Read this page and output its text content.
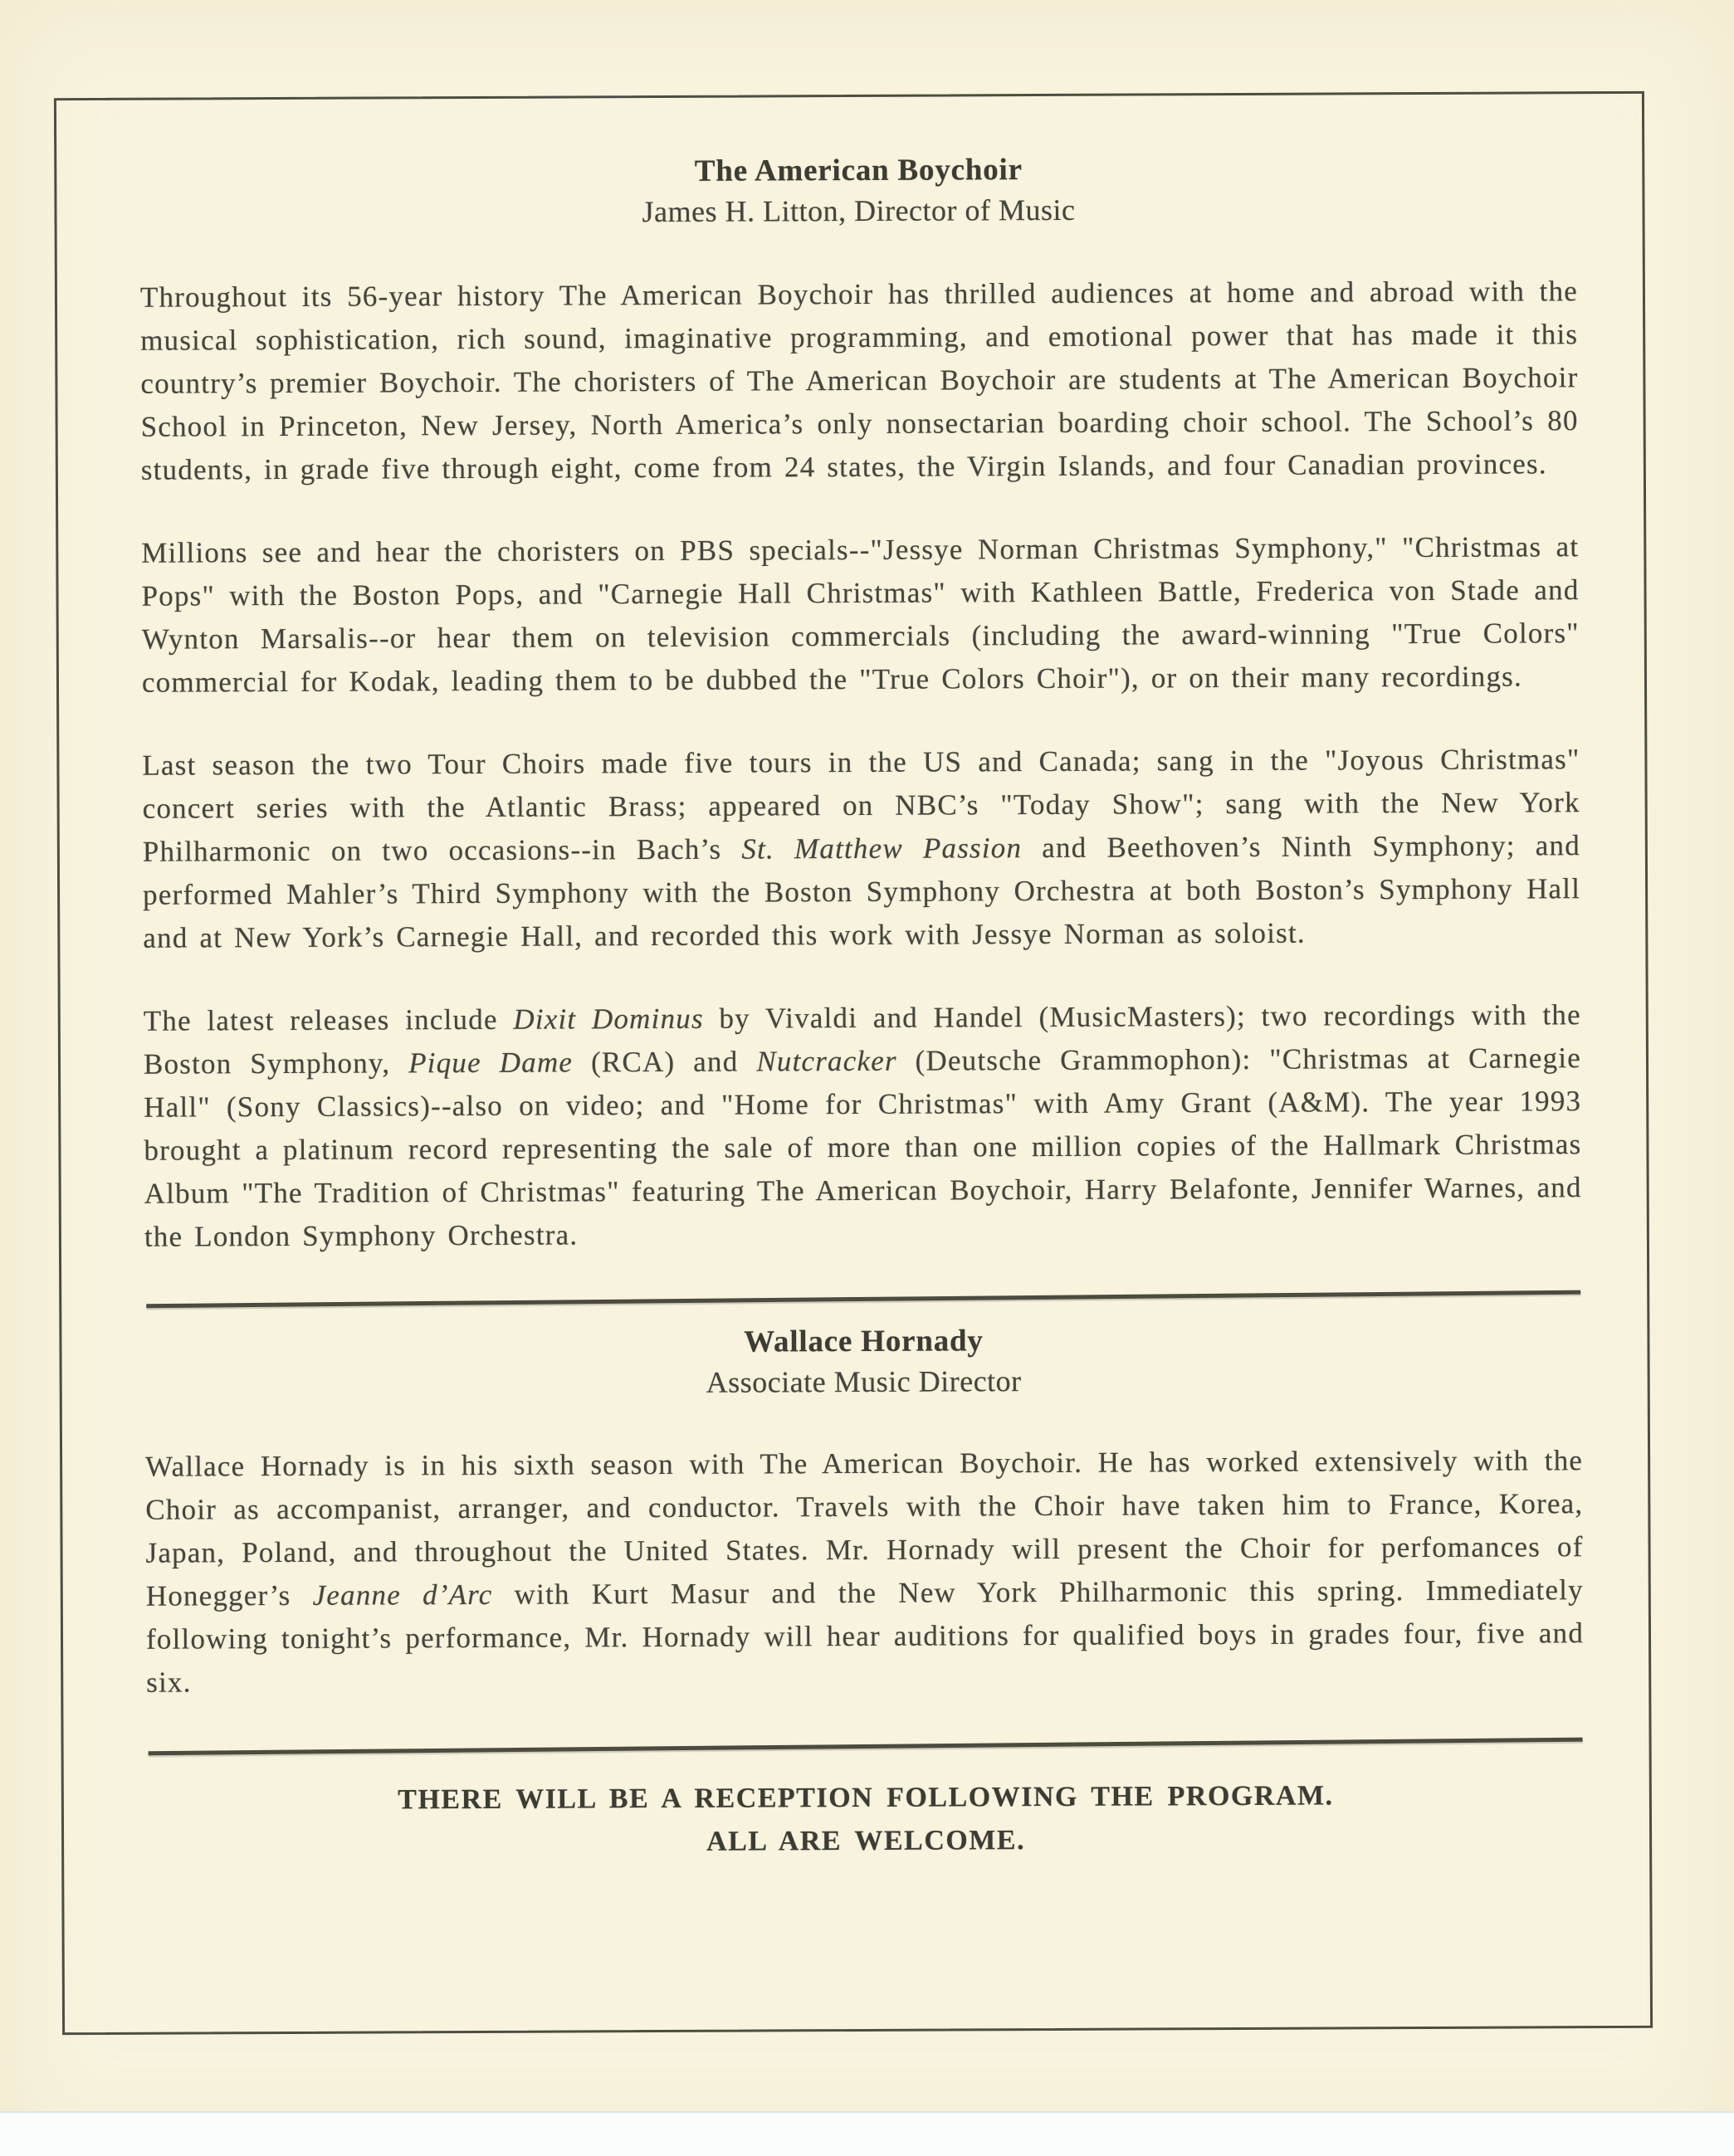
The American Boychoir
James H. Litton, Director of Music

Throughout its 56-year history The American Boychoir has thrilled audiences at home and abroad with the musical sophistication, rich sound, imaginative programming, and emotional power that has made it this country’s premier Boychoir. The choristers of The American Boychoir are students at The American Boychoir School in Princeton, New Jersey, North America’s only nonsectarian boarding choir school. The School’s 80 students, in grade five through eight, come from 24 states, the Virgin Islands, and four Canadian provinces.

Millions see and hear the choristers on PBS specials--"Jessye Norman Christmas Symphony," "Christmas at Pops" with the Boston Pops, and "Carnegie Hall Christmas" with Kathleen Battle, Frederica von Stade and Wynton Marsalis--or hear them on television commercials (including the award-winning "True Colors" commercial for Kodak, leading them to be dubbed the "True Colors Choir"), or on their many recordings.

Last season the two Tour Choirs made five tours in the US and Canada; sang in the "Joyous Christmas" concert series with the Atlantic Brass; appeared on NBC’s "Today Show"; sang with the New York Philharmonic on two occasions--in Bach’s St. Matthew Passion and Beethoven’s Ninth Symphony; and performed Mahler’s Third Symphony with the Boston Symphony Orchestra at both Boston’s Symphony Hall and at New York’s Carnegie Hall, and recorded this work with Jessye Norman as soloist.

The latest releases include Dixit Dominus by Vivaldi and Handel (MusicMasters); two recordings with the Boston Symphony, Pique Dame (RCA) and Nutcracker (Deutsche Grammophon): "Christmas at Carnegie Hall" (Sony Classics)--also on video; and "Home for Christmas" with Amy Grant (A&M). The year 1993 brought a platinum record representing the sale of more than one million copies of the Hallmark Christmas Album "The Tradition of Christmas" featuring The American Boychoir, Harry Belafonte, Jennifer Warnes, and the London Symphony Orchestra.

Wallace Hornady
Associate Music Director

Wallace Hornady is in his sixth season with The American Boychoir. He has worked extensively with the Choir as accompanist, arranger, and conductor. Travels with the Choir have taken him to France, Korea, Japan, Poland, and throughout the United States. Mr. Hornady will present the Choir for perfomances of Honegger’s Jeanne d’Arc with Kurt Masur and the New York Philharmonic this spring. Immediately following tonight’s performance, Mr. Hornady will hear auditions for qualified boys in grades four, five and six.

THERE WILL BE A RECEPTION FOLLOWING THE PROGRAM.
ALL ARE WELCOME.
